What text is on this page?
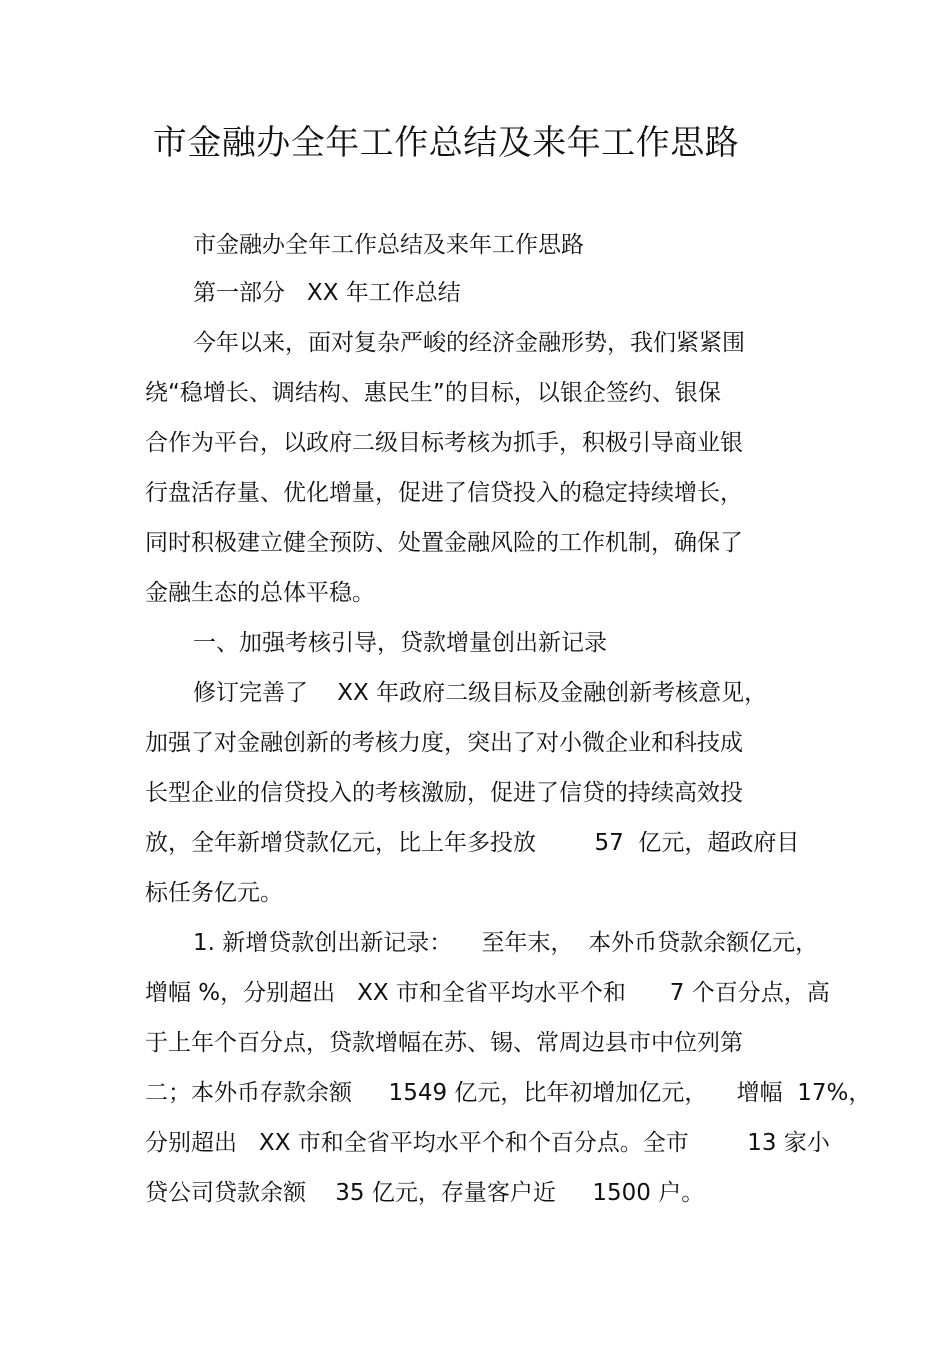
市金融办全年工作总结及来年工作思路

市金融办全年工作总结及来年工作思路

第一部分   XX 年工作总结

今年以来，面对复杂严峻的经济金融形势，我们紧紧围

绕“稳增长、调结构、惠民生”的目标，以银企签约、银保

合作为平台，以政府二级目标考核为抓手，积极引导商业银

行盘活存量、优化增量，促进了信贷投入的稳定持续增长，

同时积极建立健全预防、处置金融风险的工作机制，确保了

金融生态的总体平稳。

一、加强考核引导，贷款增量创出新记录

修订完善了    XX 年政府二级目标及金融创新考核意见，

加强了对金融创新的考核力度，突出了对小微企业和科技成

长型企业的信贷投入的考核激励，促进了信贷的持续高效投

放，全年新增贷款亿元，比上年多投放        57  亿元，超政府目

标任务亿元。

1. 新增贷款创出新记录：    至年末，  本外币贷款余额亿元，

增幅 %，分别超出   XX 市和全省平均水平个和      7 个百分点，高

于上年个百分点，贷款增幅在苏、锡、常周边县市中位列第

二；本外币存款余额     1549 亿元，比年初增加亿元，    增幅  17%，

分别超出   XX 市和全省平均水平个和个百分点。全市        13 家小

贷公司贷款余额    35 亿元，存量客户近     1500 户。
